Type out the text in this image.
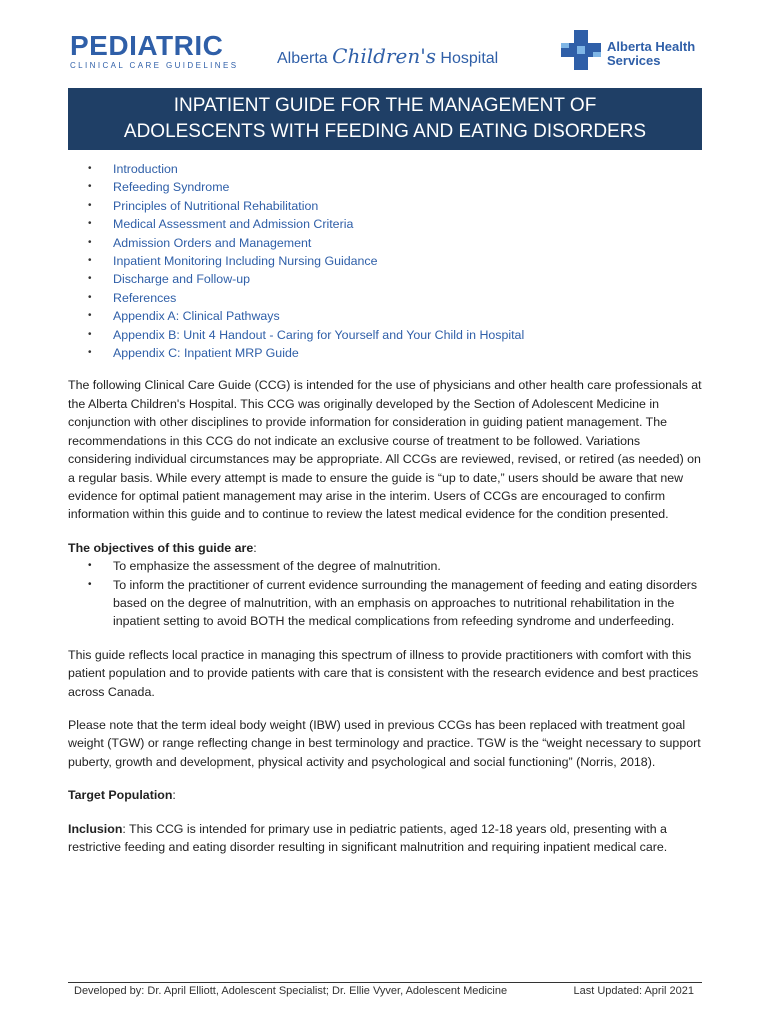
PEDIATRIC
CLINICAL CARE GUIDELINES Alberta Children's Hospital
Alberta Health
Services
INPATIENT GUIDE FOR THE MANAGEMENT OF
ADOLESCENTS WITH FEEDING AND EATING DISORDERS
• Introduction
• Refeeding Syndrome
• Principles of Nutritional Rehabilitation
• Medical Assessment and Admission Criteria
• Admission Orders and Management
• Inpatient Monitoring Including Nursing Guidance
• Discharge and Follow-up
• References
• Appendix A: Clinical Pathways
• Appendix B: Unit 4 Handout - Caring for Yourself and Your Child in Hospital
• Appendix C: Inpatient MRP Guide

The following Clinical Care Guide (CCG) is intended for the use of physicians and other health care professionals at the Alberta Children's Hospital. This CCG was originally developed by the Section of Adolescent Medicine in conjunction with other disciplines to provide information for consideration in guiding patient management. The recommendations in this CCG do not indicate an exclusive course of treatment to be followed. Variations considering individual circumstances may be appropriate. All CCGs are reviewed, revised, or retired (as needed) on a regular basis. While every attempt is made to ensure the guide is “up to date,” users should be aware that new evidence for optimal patient management may arise in the interim. Users of CCGs are encouraged to confirm information within this guide and to continue to review the latest medical evidence for the condition presented.

The objectives of this guide are:
• To emphasize the assessment of the degree of malnutrition.
• To inform the practitioner of current evidence surrounding the management of feeding and eating disorders based on the degree of malnutrition, with an emphasis on approaches to nutritional rehabilitation in the inpatient setting to avoid BOTH the medical complications from refeeding syndrome and underfeeding.

This guide reflects local practice in managing this spectrum of illness to provide practitioners with comfort with this patient population and to provide patients with care that is consistent with the research evidence and best practices across Canada.

Please note that the term ideal body weight (IBW) used in previous CCGs has been replaced with treatment goal weight (TGW) or range reflecting change in best terminology and practice. TGW is the “weight necessary to support puberty, growth and development, physical activity and psychological and social functioning” (Norris, 2018).

Target Population:

Inclusion: This CCG is intended for primary use in pediatric patients, aged 12-18 years old, presenting with a restrictive feeding and eating disorder resulting in significant malnutrition and requiring inpatient medical care.

Developed by: Dr. April Elliott, Adolescent Specialist; Dr. Ellie Vyver, Adolescent Medicine	Last Updated: April 2021
